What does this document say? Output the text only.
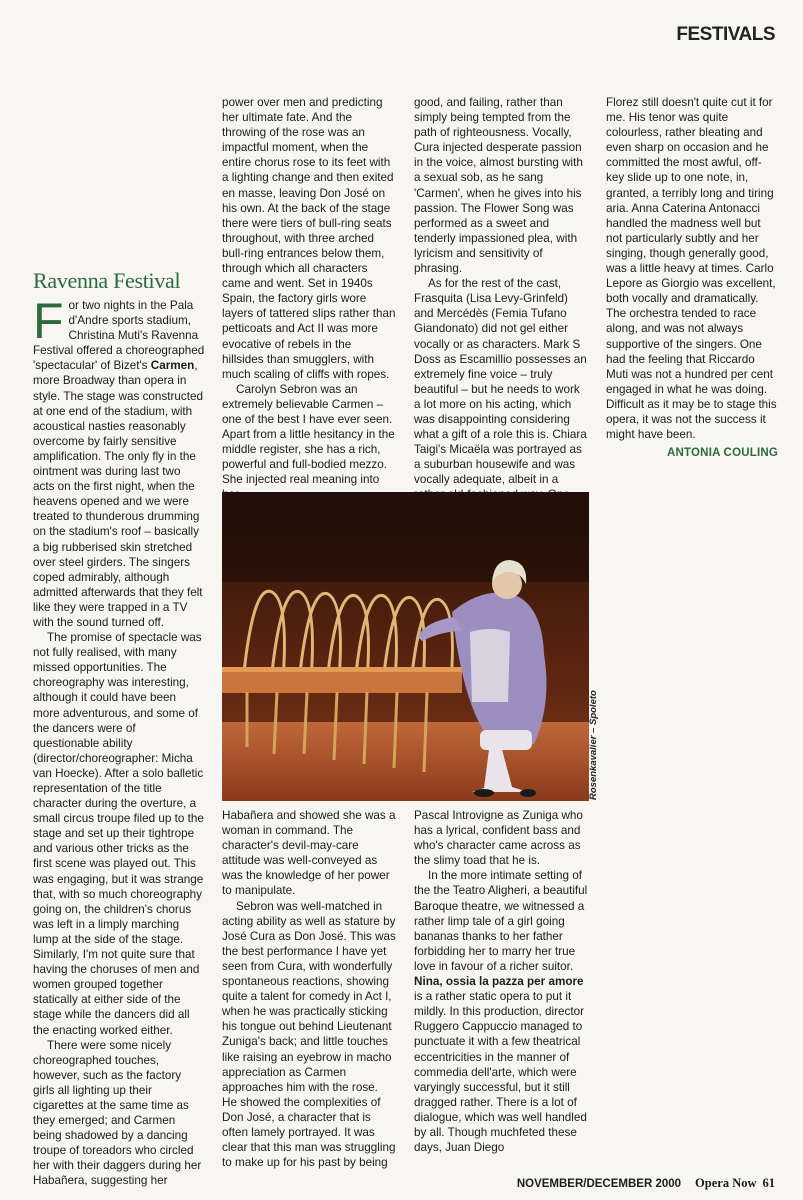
FESTIVALS
Ravenna Festival

For two nights in the Pala d'Andre sports stadium, Christina Muti's Ravenna Festival offered a choreographed 'spectacular' of Bizet's Carmen, more Broadway than opera in style. The stage was constructed at one end of the stadium, with acoustical nasties reasonably overcome by fairly sensitive amplification. The only fly in the ointment was during last two acts on the first night, when the heavens opened and we were treated to thunderous drumming on the stadium's roof – basically a big rubberised skin stretched over steel girders. The singers coped admirably, although admitted afterwards that they felt like they were trapped in a TV with the sound turned off.

The promise of spectacle was not fully realised, with many missed opportunities. The choreography was interesting, although it could have been more adventurous, and some of the dancers were of questionable ability (director/choreographer: Micha van Hoecke). After a solo balletic representation of the title character during the overture, a small circus troupe filed up to the stage and set up their tightrope and various other tricks as the first scene was played out. This was engaging, but it was strange that, with so much choreography going on, the children's chorus was left in a limply marching lump at the side of the stage. Similarly, I'm not quite sure that having the choruses of men and women grouped together statically at either side of the stage while the dancers did all the enacting worked either.

There were some nicely choreographed touches, however, such as the factory girls all lighting up their cigarettes at the same time as they emerged; and Carmen being shadowed by a dancing troupe of toreadors who circled her with their daggers during her Habañera, suggesting her

power over men and predicting her ultimate fate. And the throwing of the rose was an impactful moment, when the entire chorus rose to its feet with a lighting change and then exited en masse, leaving Don José on his own. At the back of the stage there were tiers of bull-ring seats throughout, with three arched bull-ring entrances below them, through which all characters came and went. Set in 1940s Spain, the factory girls wore layers of tattered slips rather than petticoats and Act II was more evocative of rebels in the hillsides than smugglers, with much scaling of cliffs with ropes.

Carolyn Sebron was an extremely believable Carmen – one of the best I have ever seen. Apart from a little hesitancy in the middle register, she has a rich, powerful and full-bodied mezzo. She injected real meaning into

good, and failing, rather than simply being tempted from the path of righteousness. Vocally, Cura injected desperate passion in the voice, almost bursting with a sexual sob, as he sang 'Carmen', when he gives into his passion. The Flower Song was performed as a sweet and tenderly impassioned plea, with lyricism and sensitivity of phrasing.

As for the rest of the cast, Frasquita (Lisa Levy-Grinfeld) and Mercédès (Femia Tufano Giandonato) did not gel either vocally or as characters. Mark S Doss as Escamillio possesses an extremely fine voice – truly beautiful – but he needs to work a lot more on his acting, which was disappointing considering what a gift of a role this is. Chiara Taigi's Micaëla was portrayed as a suburban housewife and was vocally adequate, albeit in a

Florez still doesn't quite cut it for me. His tenor was quite colourless, rather bleating and even sharp on occasion and he committed the most awful, off-key slide up to one note, in, granted, a terribly long and tiring aria. Anna Caterina Antonacci handled the madness well but not particularly subtly and her singing, though generally good, was a little heavy at times. Carlo Lepore as Giorgio was excellent, both vocally and dramatically. The orchestra tended to race along, and was not always supportive of the singers. One had the feeling that Riccardo Muti was not a hundred per cent engaged in what he was doing. Difficult as it may be to stage this opera, it was not the success it might have been.

ANTONIA COULING
Rosenkavalier – Spoleto

Habañera and showed she was a woman in command. The character's devil-may-care attitude was well-conveyed as was the knowledge of her power to manipulate.

Sebron was well-matched in acting ability as well as stature by José Cura as Don José. This was the best performance I have yet seen from Cura, with wonderfully spontaneous reactions, showing quite a talent for comedy in Act I, when he was practically sticking his tongue out behind Lieutenant Zuniga's back; and little touches like raising an eyebrow in macho appreciation as Carmen approaches him with the rose. He showed the complexities of Don José, a character that is often lamely portrayed. It was clear that this man was struggling to make up for his past by being

Pascal Introvigne as Zuniga who has a lyrical, confident bass and who's character came across as the slimy toad that he is.

In the more intimate setting of the the Teatro Aligheri, a beautiful Baroque theatre, we witnessed a rather limp tale of a girl going bananas thanks to her father forbidding her to marry her true love in favour of a richer suitor. Nina, ossia la pazza per amore is a rather static opera to put it mildly. In this production, director Ruggero Cappuccio managed to punctuate it with a few theatrical eccentricities in the manner of commedia dell'arte, which were varyingly successful, but it still dragged rather. There is a lot of dialogue, which was well handled by all. Though muchfeted these days, Juan Diego

NOVEMBER/DECEMBER 2000 Opera Now 61
